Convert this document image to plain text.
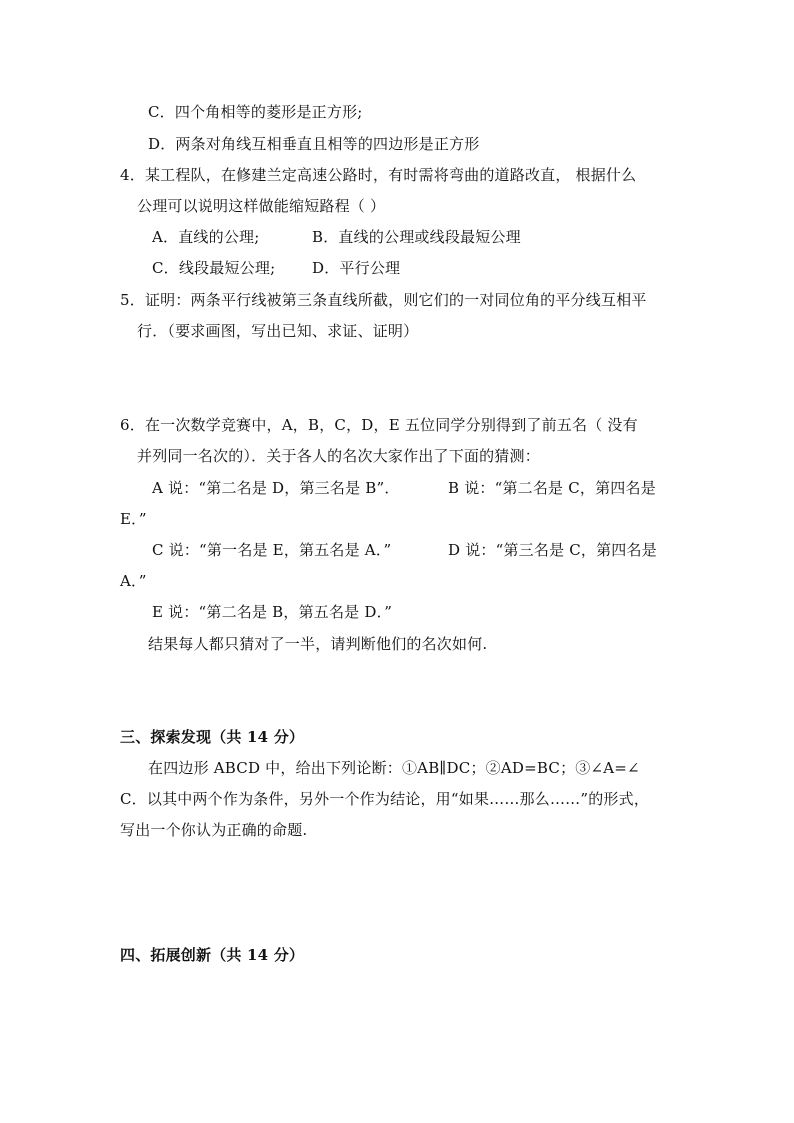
C．四个角相等的菱形是正方形;
D．两条对角线互相垂直且相等的四边形是正方形
4．某工程队，在修建兰定高速公路时，有时需将弯曲的道路改直， 根据什么
公理可以说明这样做能缩短路程（ ）
A．直线的公理;	B．直线的公理或线段最短公理
C．线段最短公理; D．平行公理
5．证明：两条平行线被第三条直线所截，则它们的一对同位角的平分线互相平
行．（要求画图，写出已知、求证、证明）
6．在一次数学竞赛中，A，B，C，D，E 五位同学分别得到了前五名（ 没有
并列同一名次的）．关于各人的名次大家作出了下面的猜测：
A 说：“第二名是 D，第三名是 B”．	B 说：“第二名是 C，第四名是
E．”
C 说：“第一名是 E，第五名是 A．”	D 说：“第三名是 C，第四名是
A．”
E 说：“第二名是 B，第五名是 D．”
结果每人都只猜对了一半，请判断他们的名次如何.
三、探索发现（共 14 分）
在四边形 ABCD 中，给出下列论断：①AB∥DC；②AD=BC；③∠A=∠
C．以其中两个作为条件，另外一个作为结论，用“如果……那么……”的形式，
写出一个你认为正确的命题.
四、拓展创新（共 14 分）
